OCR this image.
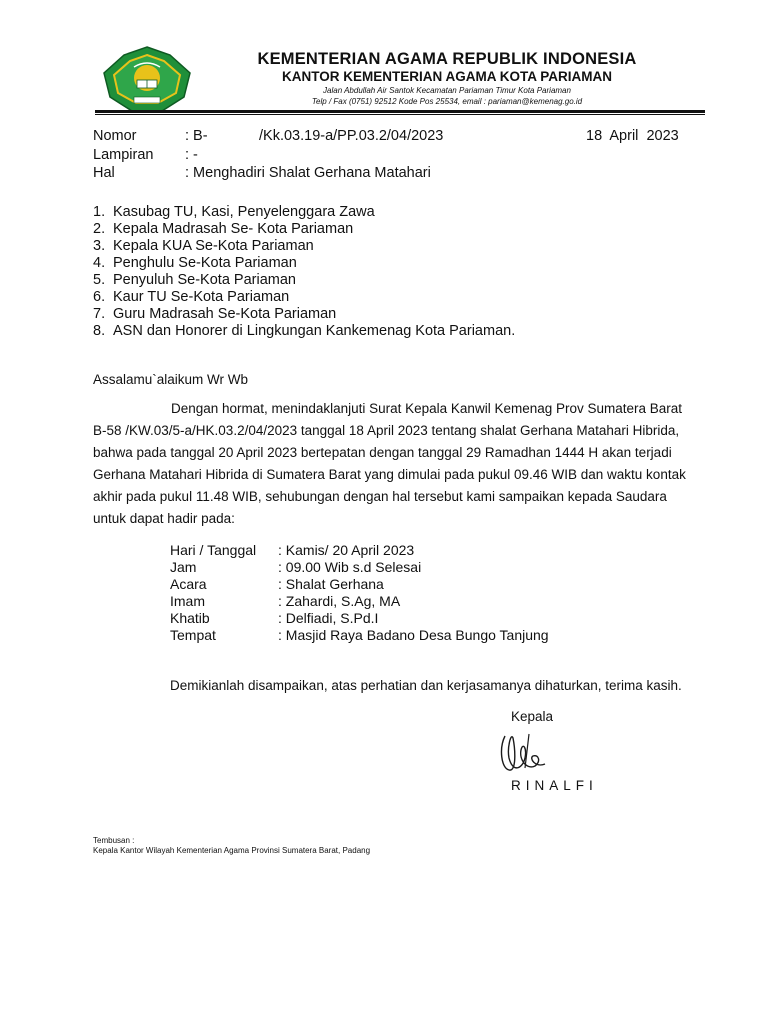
KEMENTERIAN AGAMA REPUBLIK INDONESIA
KANTOR KEMENTERIAN AGAMA KOTA PARIAMAN
Jalan Abdullah Air Santok Kecamatan Pariaman Timur Kota Pariaman
Telp / Fax (0751) 92512 Kode Pos 25534, email : pariaman@kemenag.go.id
Nomor	: B-	/Kk.03.19-a/PP.03.2/04/2023	18  April  2023
Lampiran : -
Hal	: Menghadiri Shalat Gerhana Matahari
1. Kasubag TU, Kasi, Penyelenggara Zawa
2. Kepala Madrasah Se- Kota Pariaman
3. Kepala KUA Se-Kota Pariaman
4. Penghulu Se-Kota Pariaman
5. Penyuluh Se-Kota Pariaman
6. Kaur TU Se-Kota Pariaman
7. Guru Madrasah Se-Kota Pariaman
8. ASN dan Honorer di Lingkungan Kankemenag Kota Pariaman.
Assalamu`alaikum Wr Wb
Dengan hormat, menindaklanjuti Surat Kepala Kanwil Kemenag Prov Sumatera Barat
B-58 /KW.03/5-a/HK.03.2/04/2023 tanggal 18 April 2023 tentang shalat Gerhana Matahari Hibrida,
bahwa pada tanggal 20 April 2023 bertepatan dengan tanggal 29 Ramadhan 1444 H akan terjadi
Gerhana Matahari Hibrida di Sumatera Barat yang dimulai pada pukul 09.46 WIB dan waktu kontak
akhir pada pukul 11.48 WIB, sehubungan dengan hal tersebut kami sampaikan kepada Saudara
untuk dapat hadir pada:
Hari / Tanggal : Kamis/ 20 April 2023
Jam	: 09.00 Wib s.d Selesai
Acara	: Shalat Gerhana
Imam	: Zahardi, S.Ag, MA
Khatib	: Delfiadi, S.Pd.I
Tempat	: Masjid Raya Badano Desa Bungo Tanjung
Demikianlah disampaikan, atas perhatian dan kerjasamanya dihaturkan, terima kasih.
Kepala
RINALFI
Tembusan :
Kepala Kantor Wilayah Kementerian Agama Provinsi Sumatera Barat, Padang
